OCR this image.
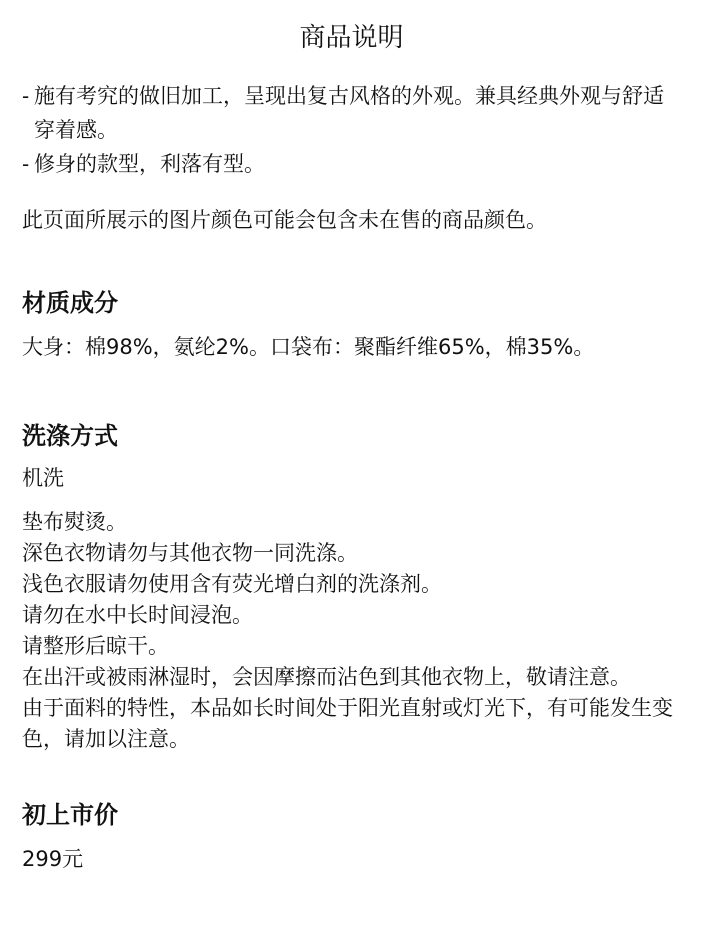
商品说明
- 施有考究的做旧加工，呈现出复古风格的外观。兼具经典外观与舒适穿着感。
- 修身的款型，利落有型。
此页面所展示的图片颜色可能会包含未在售的商品颜色。
材质成分
大身：棉98%，氨纶2%。口袋布：聚酯纤维65%，棉35%。
洗涤方式
机洗
垫布熨烫。
深色衣物请勿与其他衣物一同洗涤。
浅色衣服请勿使用含有荧光增白剂的洗涤剂。
请勿在水中长时间浸泡。
请整形后晾干。
在出汗或被雨淋湿时，会因摩擦而沾色到其他衣物上，敬请注意。
由于面料的特性，本品如长时间处于阳光直射或灯光下，有可能发生变色，请加以注意。
初上市价
299元
